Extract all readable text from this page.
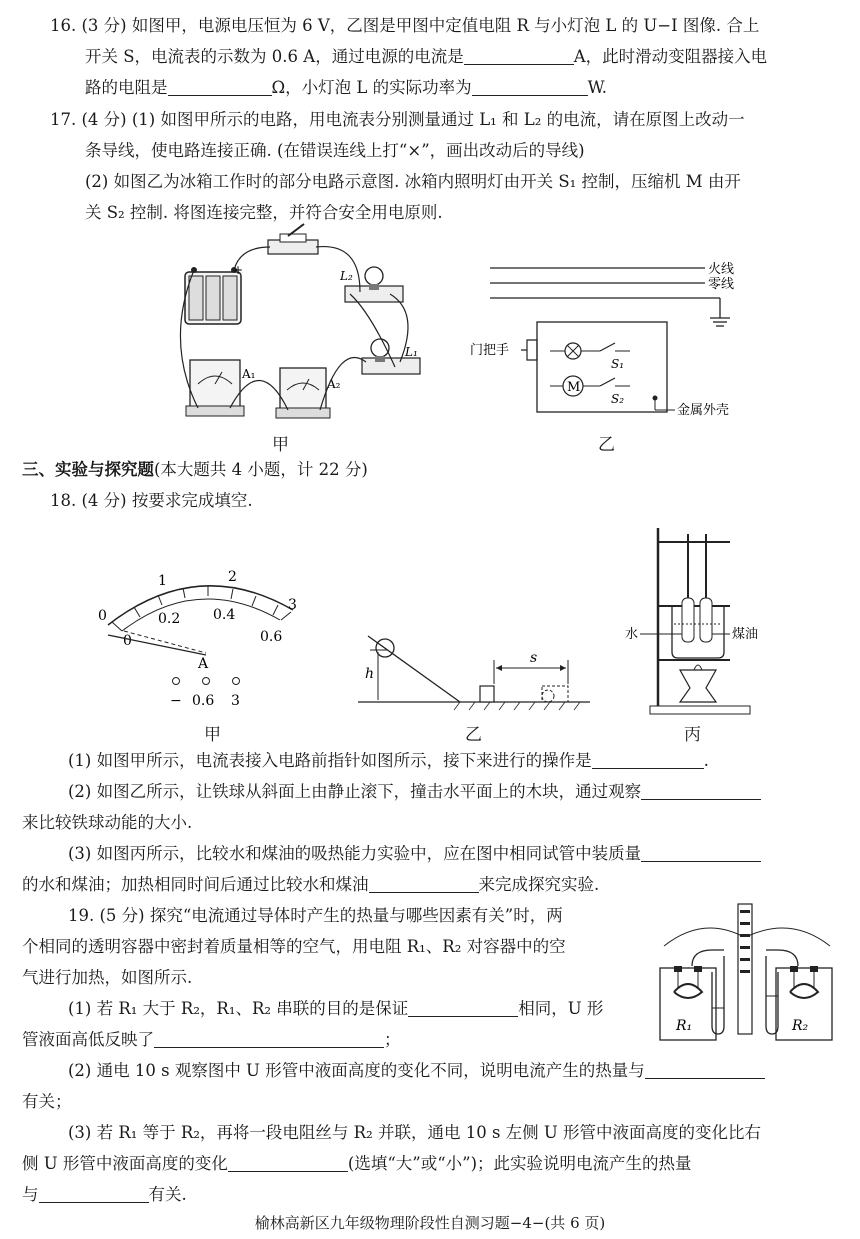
16. (3 分) 如图甲，电源电压恒为 6 V，乙图是甲图中定值电阻 R 与小灯泡 L 的 U−I 图像. 合上
开关 S，电流表的示数为 0.6 A，通过电源的电流是	A，此时滑动变阻器接入电
路的电阻是	Ω，小灯泡 L 的实际功率为	W.
17. (4 分) (1) 如图甲所示的电路，用电流表分别测量通过 L₁ 和 L₂ 的电流，请在原图上改动一
条导线，使电路连接正确. (在错误连线上打“×”，画出改动后的导线)
(2) 如图乙为冰箱工作时的部分电路示意图. 冰箱内照明灯由开关 S₁ 控制，压缩机 M 由开
关 S₂ 控制. 将图连接完整，并符合安全用电原则.
+	L₂
L₁
A₁
A₂
甲
火线
零线
门把手
S₁
M
S₂
金属外壳
乙
三、实验与探究题(本大题共 4 小题，计 22 分)
18. (4 分) 按要求完成填空.
0
1	2
3
0.2 0.4
0.6
0
A
− 0.6 3
甲
h
s
乙
水	煤油
丙
(1) 如图甲所示，电流表接入电路前指针如图所示，接下来进行的操作是	.
(2) 如图乙所示，让铁球从斜面上由静止滚下，撞击水平面上的木块，通过观察
来比较铁球动能的大小.
(3) 如图丙所示，比较水和煤油的吸热能力实验中，应在图中相同试管中装质量
的水和煤油；加热相同时间后通过比较水和煤油	来完成探究实验.
19. (5 分) 探究“电流通过导体时产生的热量与哪些因素有关”时，两
个相同的透明容器中密封着质量相等的空气，用电阻 R₁、R₂ 对容器中的空
气进行加热，如图所示.
(1) 若 R₁ 大于 R₂，R₁、R₂ 串联的目的是保证	相同，U 形
管液面高低反映了	；
R₁	R₂
(2) 通电 10 s 观察图中 U 形管中液面高度的变化不同，说明电流产生的热量与
有关；
(3) 若 R₁ 等于 R₂，再将一段电阻丝与 R₂ 并联，通电 10 s 左侧 U 形管中液面高度的变化比右
侧 U 形管中液面高度的变化	(选填“大”或“小”)；此实验说明电流产生的热量
与	有关.
榆林高新区九年级物理阶段性自测习题−4−(共 6 页)
